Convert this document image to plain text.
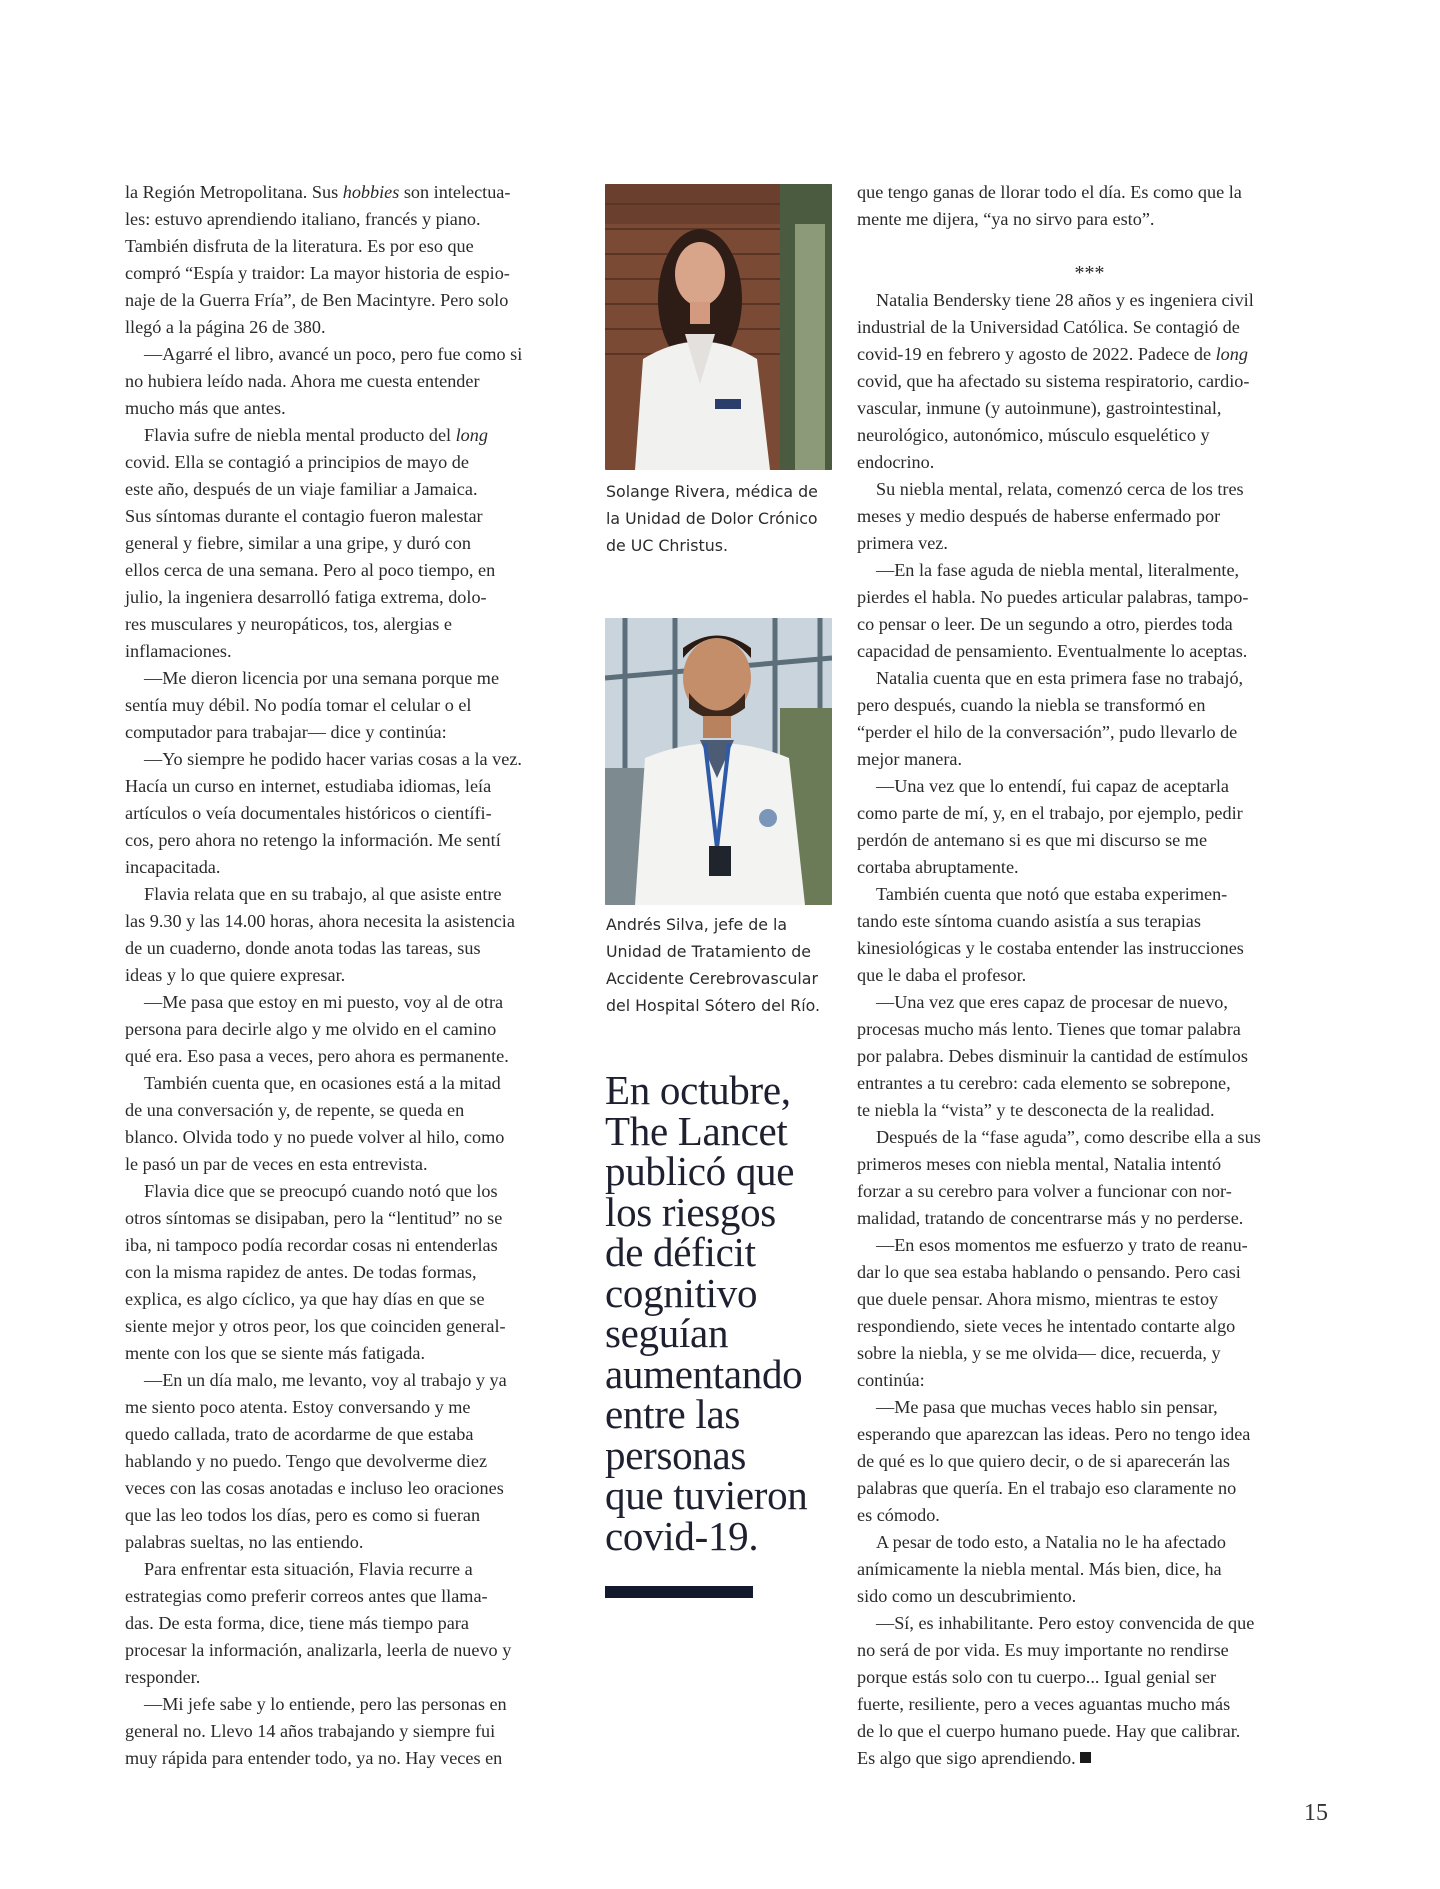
la Región Metropolitana. Sus hobbies son intelectua-

les: estuvo aprendiendo italiano, francés y piano.

También disfruta de la literatura. Es por eso que

compró “Espía y traidor: La mayor historia de espio-

naje de la Guerra Fría”, de Ben Macintyre. Pero solo

llegó a la página 26 de 380.

—Agarré el libro, avancé un poco, pero fue como si

no hubiera leído nada. Ahora me cuesta entender

mucho más que antes.

Flavia sufre de niebla mental producto del long

covid. Ella se contagió a principios de mayo de

este año, después de un viaje familiar a Jamaica.

Sus síntomas durante el contagio fueron malestar

general y fiebre, similar a una gripe, y duró con

ellos cerca de una semana. Pero al poco tiempo, en

julio, la ingeniera desarrolló fatiga extrema, dolo-

res musculares y neuropáticos, tos, alergias e

inflamaciones.

—Me dieron licencia por una semana porque me

sentía muy débil. No podía tomar el celular o el

computador para trabajar— dice y continúa:

—Yo siempre he podido hacer varias cosas a la vez.

Hacía un curso en internet, estudiaba idiomas, leía

artículos o veía documentales históricos o científi-

cos, pero ahora no retengo la información. Me sentí

incapacitada.

Flavia relata que en su trabajo, al que asiste entre

las 9.30 y las 14.00 horas, ahora necesita la asistencia

de un cuaderno, donde anota todas las tareas, sus

ideas y lo que quiere expresar.

—Me pasa que estoy en mi puesto, voy al de otra

persona para decirle algo y me olvido en el camino

qué era. Eso pasa a veces, pero ahora es permanente.

También cuenta que, en ocasiones está a la mitad

de una conversación y, de repente, se queda en

blanco. Olvida todo y no puede volver al hilo, como

le pasó un par de veces en esta entrevista.

Flavia dice que se preocupó cuando notó que los

otros síntomas se disipaban, pero la “lentitud” no se

iba, ni tampoco podía recordar cosas ni entenderlas

con la misma rapidez de antes. De todas formas,

explica, es algo cíclico, ya que hay días en que se

siente mejor y otros peor, los que coinciden general-

mente con los que se siente más fatigada.

—En un día malo, me levanto, voy al trabajo y ya

me siento poco atenta. Estoy conversando y me

quedo callada, trato de acordarme de que estaba

hablando y no puedo. Tengo que devolverme diez

veces con las cosas anotadas e incluso leo oraciones

que las leo todos los días, pero es como si fueran

palabras sueltas, no las entiendo.

Para enfrentar esta situación, Flavia recurre a

estrategias como preferir correos antes que llama-

das. De esta forma, dice, tiene más tiempo para

procesar la información, analizarla, leerla de nuevo y

responder.

—Mi jefe sabe y lo entiende, pero las personas en

general no. Llevo 14 años trabajando y siempre fui

muy rápida para entender todo, ya no. Hay veces en

Solange Rivera, médica de

la Unidad de Dolor Crónico

de UC Christus.

Andrés Silva, jefe de la

Unidad de Tratamiento de

Accidente Cerebrovascular

del Hospital Sótero del Río.

En octubre,

The Lancet

publicó que

los riesgos

de déficit

cognitivo

seguían

aumentando

entre las

personas

que tuvieron

covid-19.

que tengo ganas de llorar todo el día. Es como que la

mente me dijera, “ya no sirvo para esto”.

***

Natalia Bendersky tiene 28 años y es ingeniera civil

industrial de la Universidad Católica. Se contagió de

covid-19 en febrero y agosto de 2022. Padece de long

covid, que ha afectado su sistema respiratorio, cardio-

vascular, inmune (y autoinmune), gastrointestinal,

neurológico, autonómico, músculo esquelético y

endocrino.

Su niebla mental, relata, comenzó cerca de los tres

meses y medio después de haberse enfermado por

primera vez.

—En la fase aguda de niebla mental, literalmente,

pierdes el habla. No puedes articular palabras, tampo-

co pensar o leer. De un segundo a otro, pierdes toda

capacidad de pensamiento. Eventualmente lo aceptas.

Natalia cuenta que en esta primera fase no trabajó,

pero después, cuando la niebla se transformó en

“perder el hilo de la conversación”, pudo llevarlo de

mejor manera.

—Una vez que lo entendí, fui capaz de aceptarla

como parte de mí, y, en el trabajo, por ejemplo, pedir

perdón de antemano si es que mi discurso se me

cortaba abruptamente.

También cuenta que notó que estaba experimen-

tando este síntoma cuando asistía a sus terapias

kinesiológicas y le costaba entender las instrucciones

que le daba el profesor.

—Una vez que eres capaz de procesar de nuevo,

procesas mucho más lento. Tienes que tomar palabra

por palabra. Debes disminuir la cantidad de estímulos

entrantes a tu cerebro: cada elemento se sobrepone,

te niebla la “vista” y te desconecta de la realidad.

Después de la “fase aguda”, como describe ella a sus

primeros meses con niebla mental, Natalia intentó

forzar a su cerebro para volver a funcionar con nor-

malidad, tratando de concentrarse más y no perderse.

—En esos momentos me esfuerzo y trato de reanu-

dar lo que sea estaba hablando o pensando. Pero casi

que duele pensar. Ahora mismo, mientras te estoy

respondiendo, siete veces he intentado contarte algo

sobre la niebla, y se me olvida— dice, recuerda, y

continúa:

—Me pasa que muchas veces hablo sin pensar,

esperando que aparezcan las ideas. Pero no tengo idea

de qué es lo que quiero decir, o de si aparecerán las

palabras que quería. En el trabajo eso claramente no

es cómodo.

A pesar de todo esto, a Natalia no le ha afectado

anímicamente la niebla mental. Más bien, dice, ha

sido como un descubrimiento.

—Sí, es inhabilitante. Pero estoy convencida de que

no será de por vida. Es muy importante no rendirse

porque estás solo con tu cuerpo... Igual genial ser

fuerte, resiliente, pero a veces aguantas mucho más

de lo que el cuerpo humano puede. Hay que calibrar.

Es algo que sigo aprendiendo.

15
